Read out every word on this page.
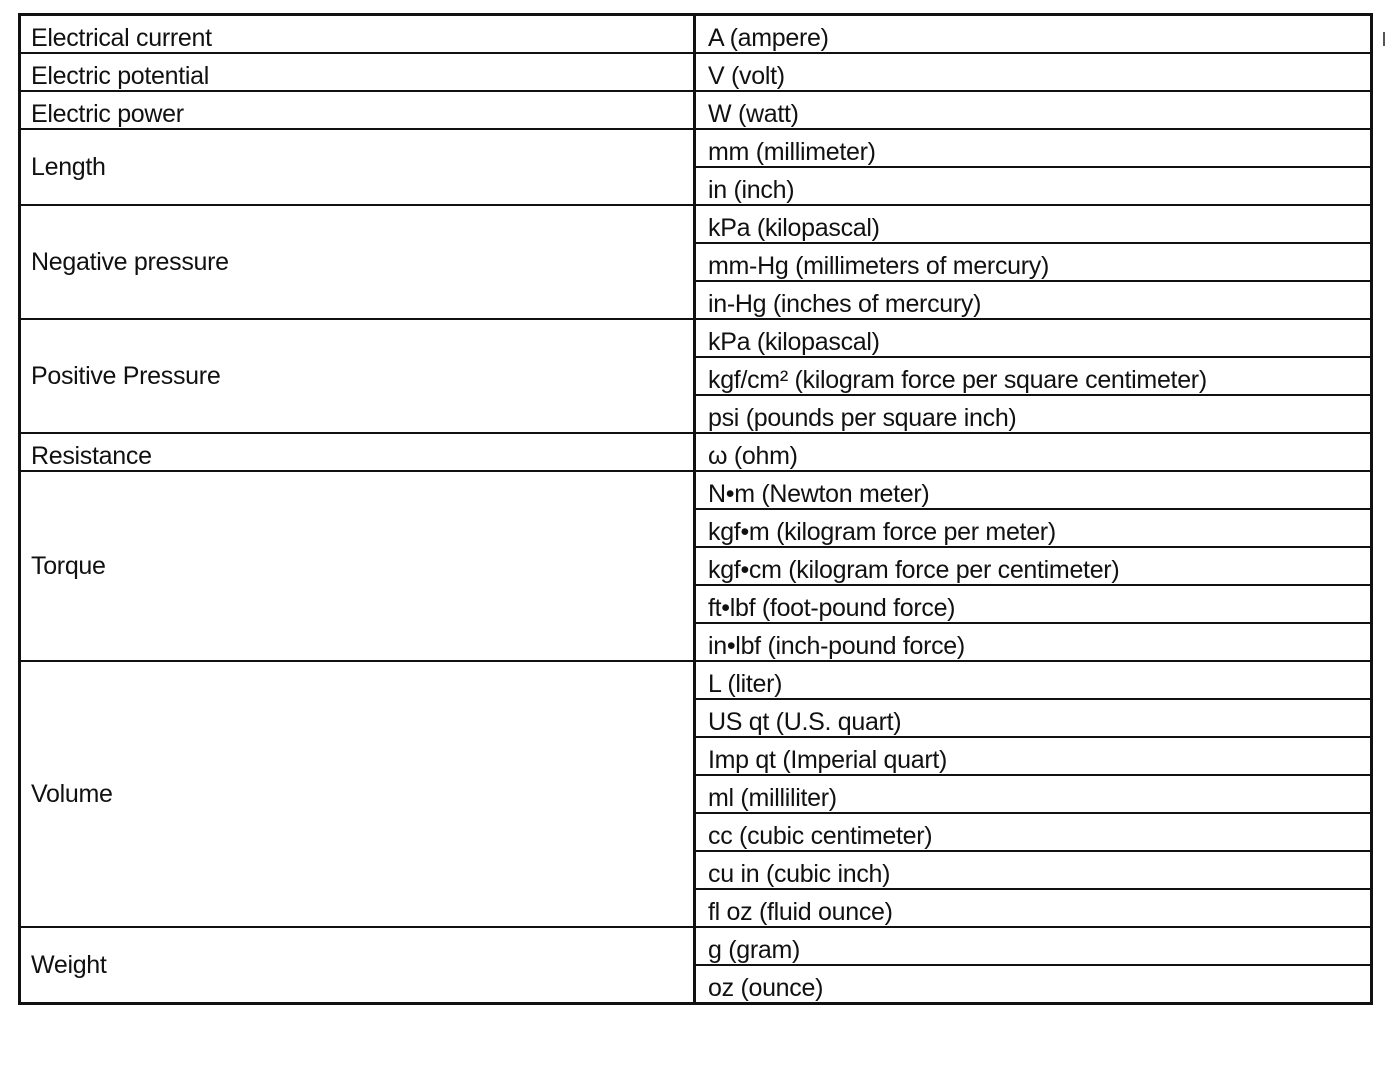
Electrical current	A (ampere)
Electric potential	V (volt)
Electric power	W (watt)
Length	mm (millimeter)
	in (inch)
Negative pressure	kPa (kilopascal)
	mm-Hg (millimeters of mercury)
	in-Hg (inches of mercury)
Positive Pressure	kPa (kilopascal)
	kgf/cm² (kilogram force per square centimeter)
	psi (pounds per square inch)
Resistance	ω (ohm)
Torque	N•m (Newton meter)
	kgf•m (kilogram force per meter)
	kgf•cm (kilogram force per centimeter)
	ft•lbf (foot-pound force)
	in•lbf (inch-pound force)
Volume	L (liter)
	US qt (U.S. quart)
	Imp qt (Imperial quart)
	ml (milliliter)
	cc (cubic centimeter)
	cu in (cubic inch)
	fl oz (fluid ounce)
Weight	g (gram)
	oz (ounce)
